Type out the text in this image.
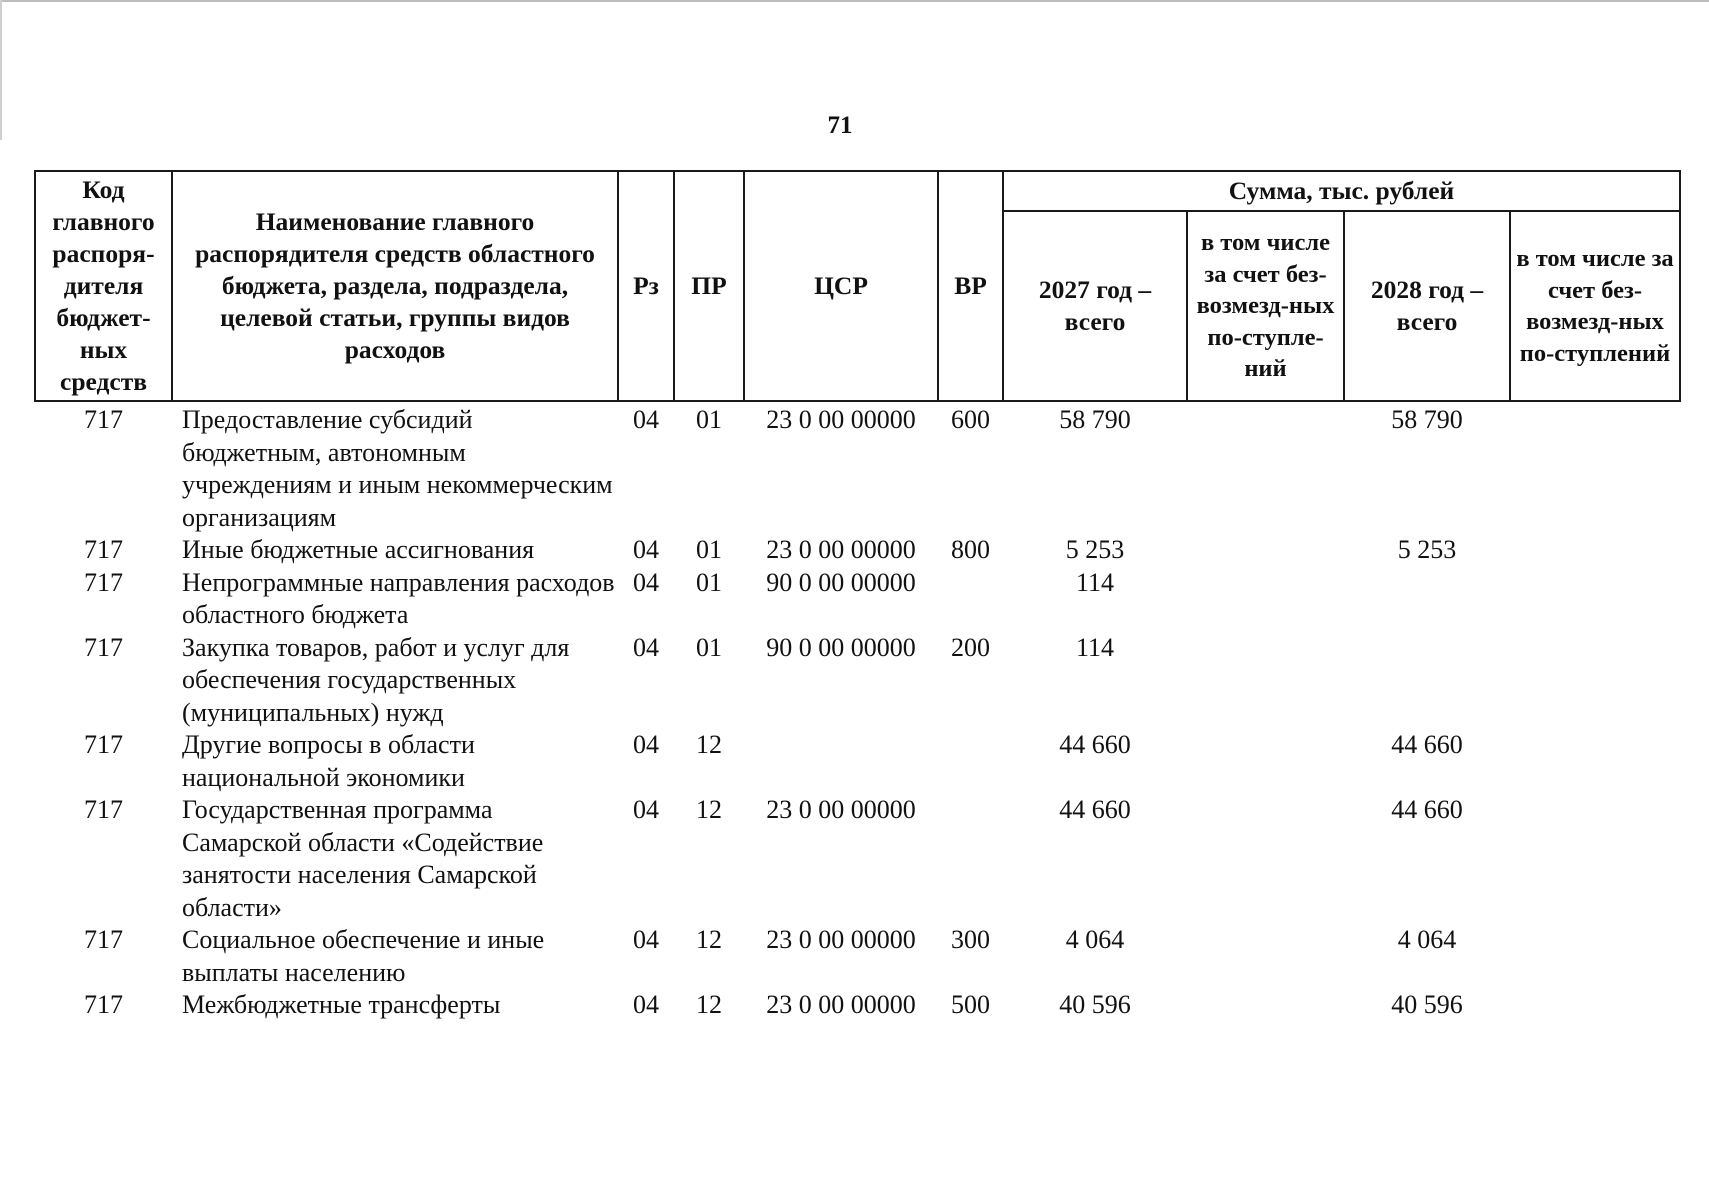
71
Код главного распоря-дителя бюджет-ных средств	Наименование главного распорядителя средств областного бюджета, раздела, подраздела, целевой статьи, группы видов расходов	Рз	ПР	ЦСР	ВР	Сумма, тыс. рублей			
						2027 год – всего	в том числе за счет без-возмезд-ных по-ступле-ний	2028 год – всего	в том числе за счет без-возмезд-ных по-ступлений
717	Предоставление субсидий бюджетным, автономным учреждениям и иным некоммерческим организациям	04	01	23 0 00 00000	600	58 790		58 790	
717	Иные бюджетные ассигнования	04	01	23 0 00 00000	800	5 253		5 253	
717	Непрограммные направления расходов областного бюджета	04	01	90 0 00 00000		114			
717	Закупка товаров, работ и услуг для обеспечения государственных (муниципальных) нужд	04	01	90 0 00 00000	200	114			
717	Другие вопросы в области национальной экономики	04	12			44 660		44 660	
717	Государственная программа Самарской области «Содействие занятости населения Самарской области»	04	12	23 0 00 00000		44 660		44 660	
717	Социальное обеспечение и иные выплаты населению	04	12	23 0 00 00000	300	4 064		4 064	
717	Межбюджетные трансферты	04	12	23 0 00 00000	500	40 596		40 596	
